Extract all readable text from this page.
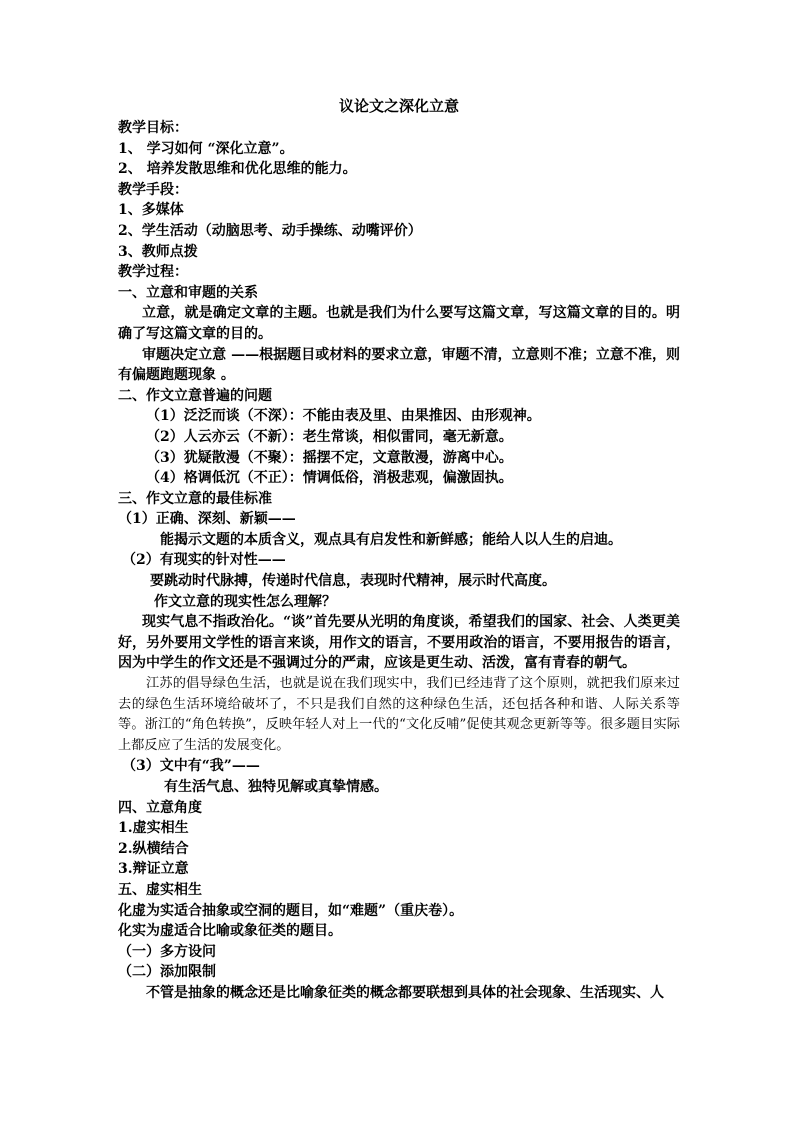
议论文之深化立意

教学目标：

1、 学习如何 “深化立意”。

2、 培养发散思维和优化思维的能力。

教学手段：

1、多媒体

2、学生活动（动脑思考、动手操练、动嘴评价）

3、教师点拨

教学过程：

一、立意和审题的关系

立意，就是确定文章的主题。也就是我们为什么要写这篇文章，写这篇文章的目的。明确了写这篇文章的目的。

审题决定立意 ——根据题目或材料的要求立意，审题不清，立意则不准；立意不准，则有偏题跑题现象 。

二、作文立意普遍的问题

（1）泛泛而谈（不深）：不能由表及里、由果推因、由形观神。

（2）人云亦云（不新）：老生常谈，相似雷同，毫无新意。

（3）犹疑散漫（不聚）：摇摆不定，文意散漫，游离中心。

（4）格调低沉（不正）：情调低俗，消极悲观，偏激固执。

三、作文立意的最佳标准

（1）正确、深刻、新颖——

能揭示文题的本质含义，观点具有启发性和新鲜感；能给人以人生的启迪。

（2）有现实的针对性——

要跳动时代脉搏，传递时代信息，表现时代精神，展示时代高度。

作文立意的现实性怎么理解？

现实气息不指政治化。“谈”首先要从光明的角度谈，希望我们的国家、社会、人类更美好，另外要用文学性的语言来谈，用作文的语言，不要用政治的语言，不要用报告的语言，因为中学生的作文还是不强调过分的严肃，应该是更生动、活泼，富有青春的朝气。

江苏的倡导绿色生活，也就是说在我们现实中，我们已经违背了这个原则，就把我们原来过去的绿色生活环境给破坏了，不只是我们自然的这种绿色生活，还包括各种和谐、人际关系等等。浙江的“角色转换”，反映年轻人对上一代的“文化反哺”促使其观念更新等等。很多题目实际上都反应了生活的发展变化。

（3）文中有“我”——

有生活气息、独特见解或真挚情感。

四、立意角度

1.虚实相生

2.纵横结合

3.辩证立意

五、虚实相生

化虚为实适合抽象或空洞的题目，如“难题”（重庆卷）。

化实为虚适合比喻或象征类的题目。

（一）多方设问

（二）添加限制

不管是抽象的概念还是比喻象征类的概念都要联想到具体的社会现象、生活现实、人
